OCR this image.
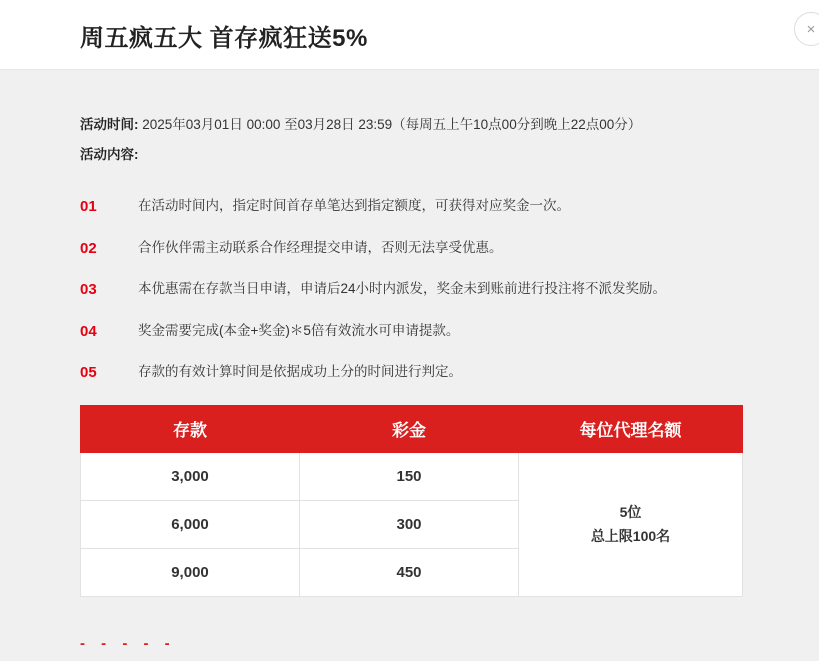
周五疯五大 首存疯狂送5%	×
活动时间: 2025年03月01日 00:00 至03月28日 23:59（每周五上午10点00分到晚上22点00分）
活动内容:
01	在活动时间内，指定时间首存单笔达到指定额度，可获得对应奖金一次。
02	合作伙伴需主动联系合作经理提交申请，否则无法享受优惠。
03	本优惠需在存款当日申请，申请后24小时内派发，奖金未到账前进行投注将不派发奖励。
04	奖金需要完成(本金+奖金)＊5倍有效流水可申请提款。
05	存款的有效计算时间是依据成功上分的时间进行判定。
存款	彩金	每位代理名额
3,000	150	5位
总上限100名

6,000	300	
9,000	450	
- - - - -
